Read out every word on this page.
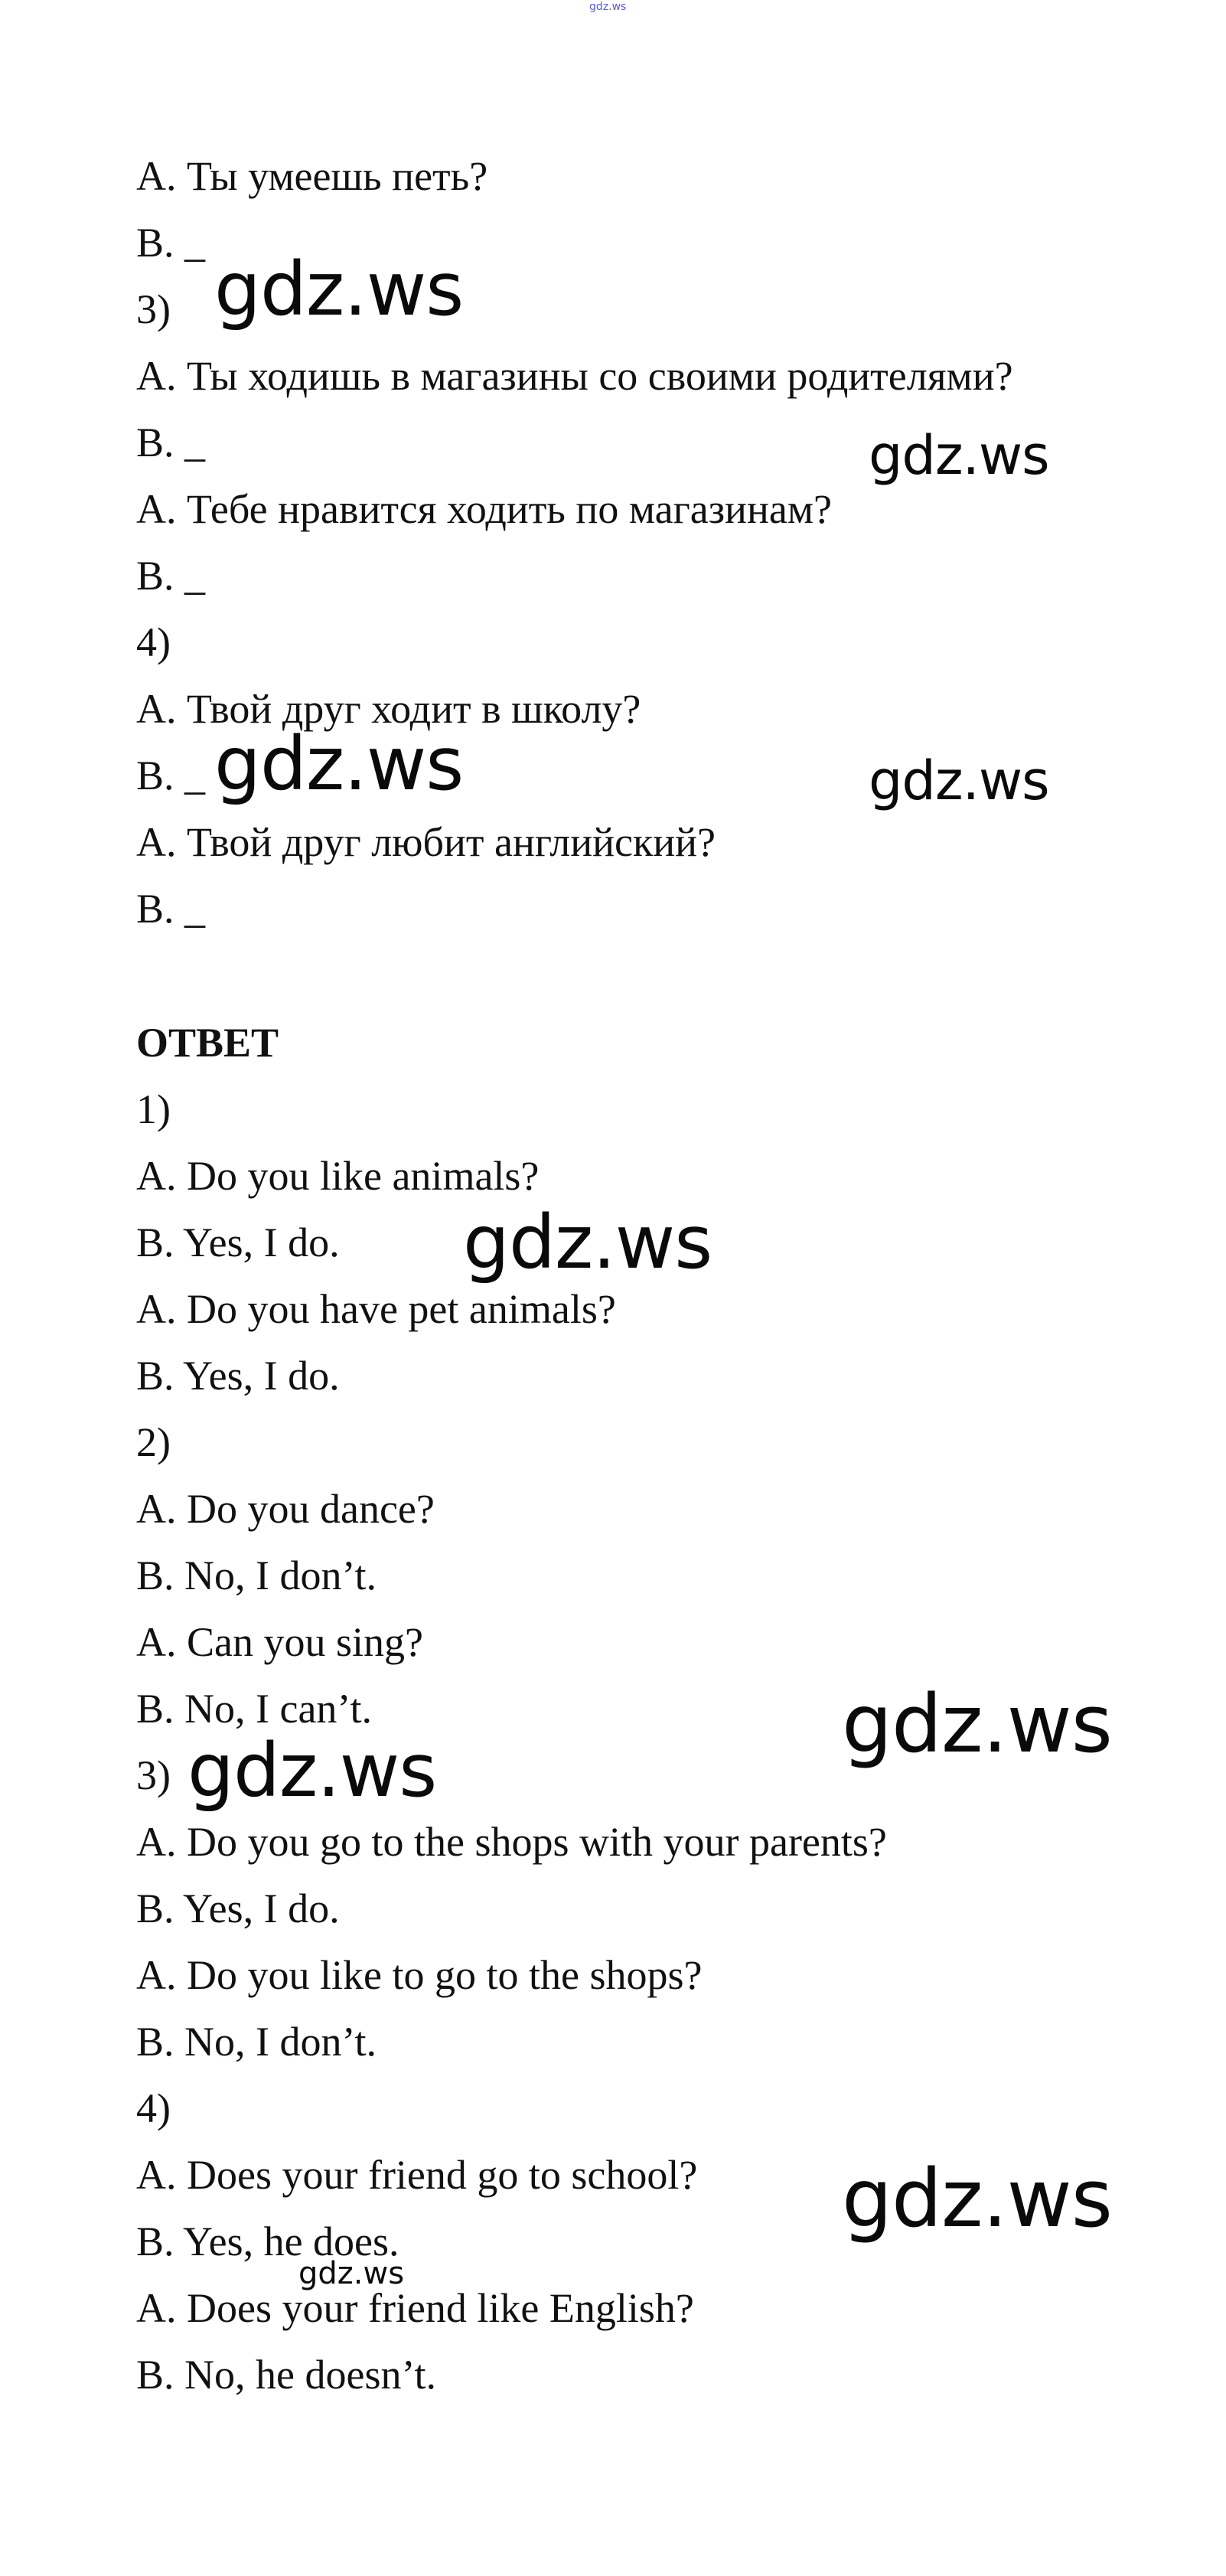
gdz.ws
A. Ты умеешь петь?
B. _
3)
A. Ты ходишь в магазины со своими родителями?
B. _
A. Тебе нравится ходить по магазинам?
B. _
4)
A. Твой друг ходит в школу?
B. _
A. Твой друг любит английский?
B. _
ОТВЕТ
1)
A. Do you like animals?
B. Yes, I do.
A. Do you have pet animals?
B. Yes, I do.
2)
A. Do you dance?
B. No, I don’t.
A. Can you sing?
B. No, I can’t.
3)
A. Do you go to the shops with your parents?
B. Yes, I do.
A. Do you like to go to the shops?
B. No, I don’t.
4)
A. Does your friend go to school?
B. Yes, he does.
A. Does your friend like English?
B. No, he doesn’t.
gdz.ws
gdz.ws
gdz.ws	gdz.ws
gdz.ws
gdz.ws
gdz.ws
gdz.ws
gdz.ws
